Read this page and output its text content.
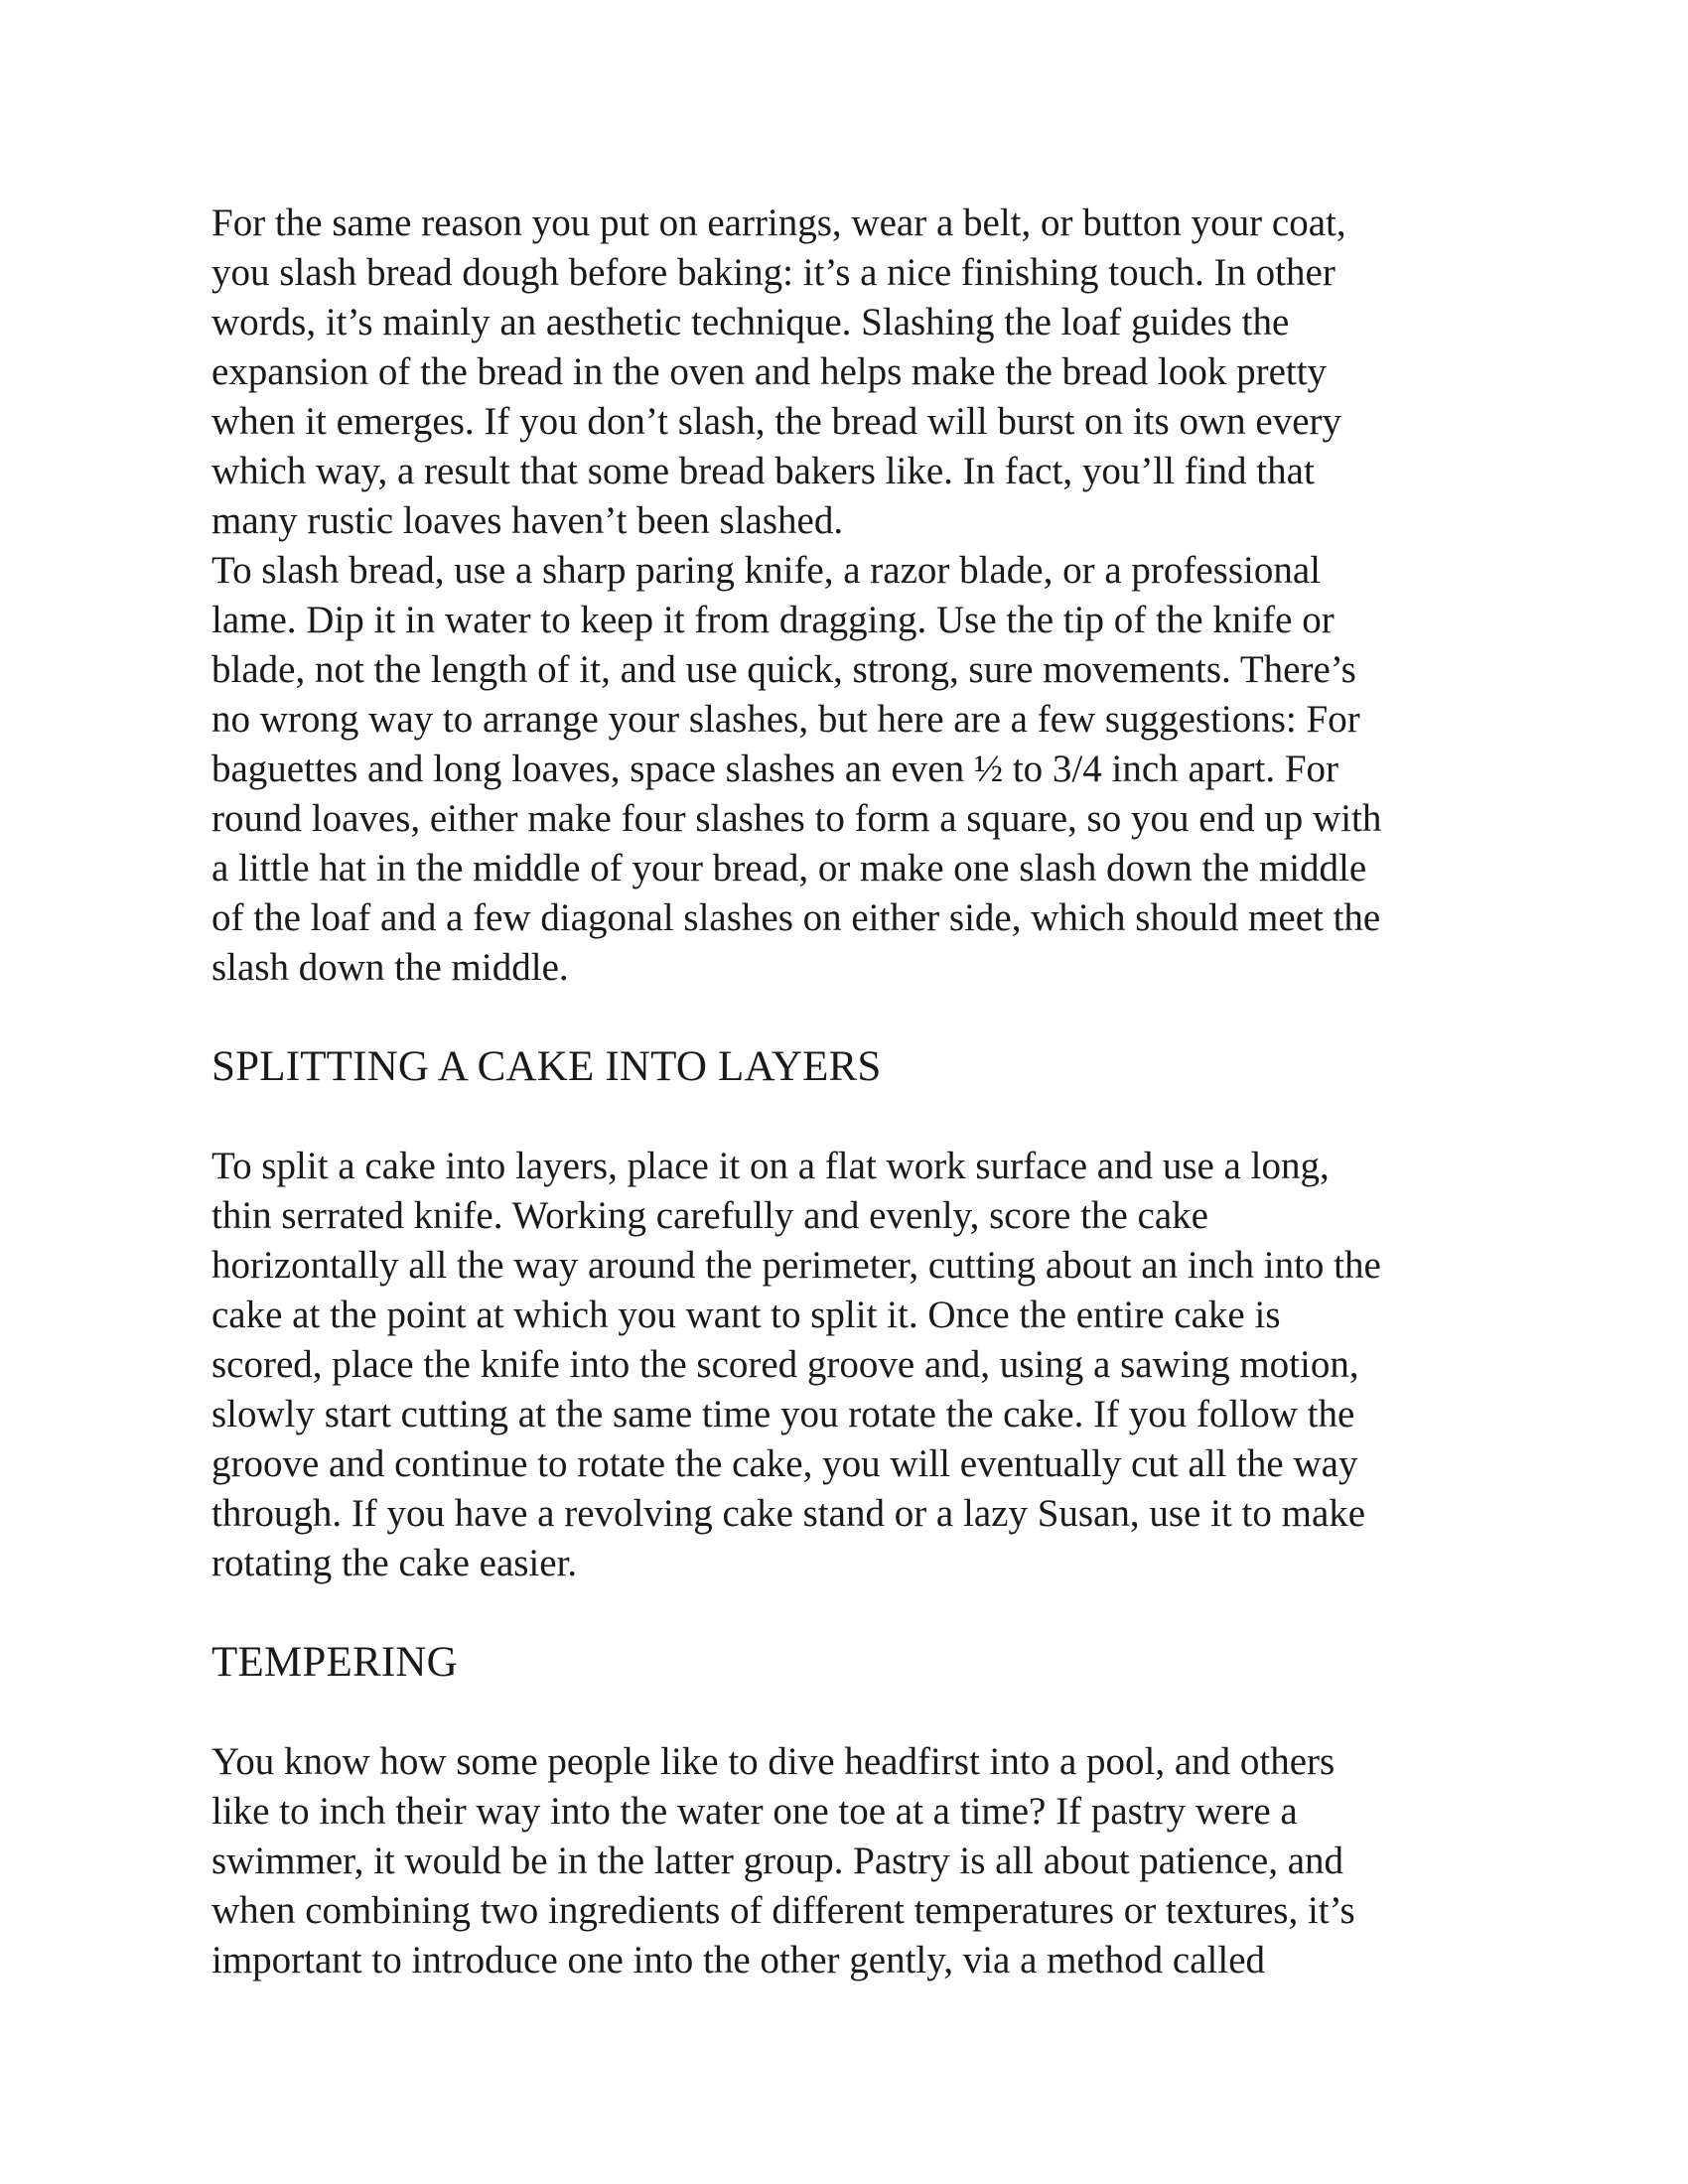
For the same reason you put on earrings, wear a belt, or button your coat,
you slash bread dough before baking: it’s a nice finishing touch. In other
words, it’s mainly an aesthetic technique. Slashing the loaf guides the
expansion of the bread in the oven and helps make the bread look pretty
when it emerges. If you don’t slash, the bread will burst on its own every
which way, a result that some bread bakers like. In fact, you’ll find that
many rustic loaves haven’t been slashed.
To slash bread, use a sharp paring knife, a razor blade, or a professional
lame. Dip it in water to keep it from dragging. Use the tip of the knife or
blade, not the length of it, and use quick, strong, sure movements. There’s
no wrong way to arrange your slashes, but here are a few suggestions: For
baguettes and long loaves, space slashes an even ½ to 3/4 inch apart. For
round loaves, either make four slashes to form a square, so you end up with
a little hat in the middle of your bread, or make one slash down the middle
of the loaf and a few diagonal slashes on either side, which should meet the
slash down the middle.
SPLITTING A CAKE INTO LAYERS
To split a cake into layers, place it on a flat work surface and use a long,
thin serrated knife. Working carefully and evenly, score the cake
horizontally all the way around the perimeter, cutting about an inch into the
cake at the point at which you want to split it. Once the entire cake is
scored, place the knife into the scored groove and, using a sawing motion,
slowly start cutting at the same time you rotate the cake. If you follow the
groove and continue to rotate the cake, you will eventually cut all the way
through. If you have a revolving cake stand or a lazy Susan, use it to make
rotating the cake easier.
TEMPERING
You know how some people like to dive headfirst into a pool, and others
like to inch their way into the water one toe at a time? If pastry were a
swimmer, it would be in the latter group. Pastry is all about patience, and
when combining two ingredients of different temperatures or textures, it’s
important to introduce one into the other gently, via a method called
